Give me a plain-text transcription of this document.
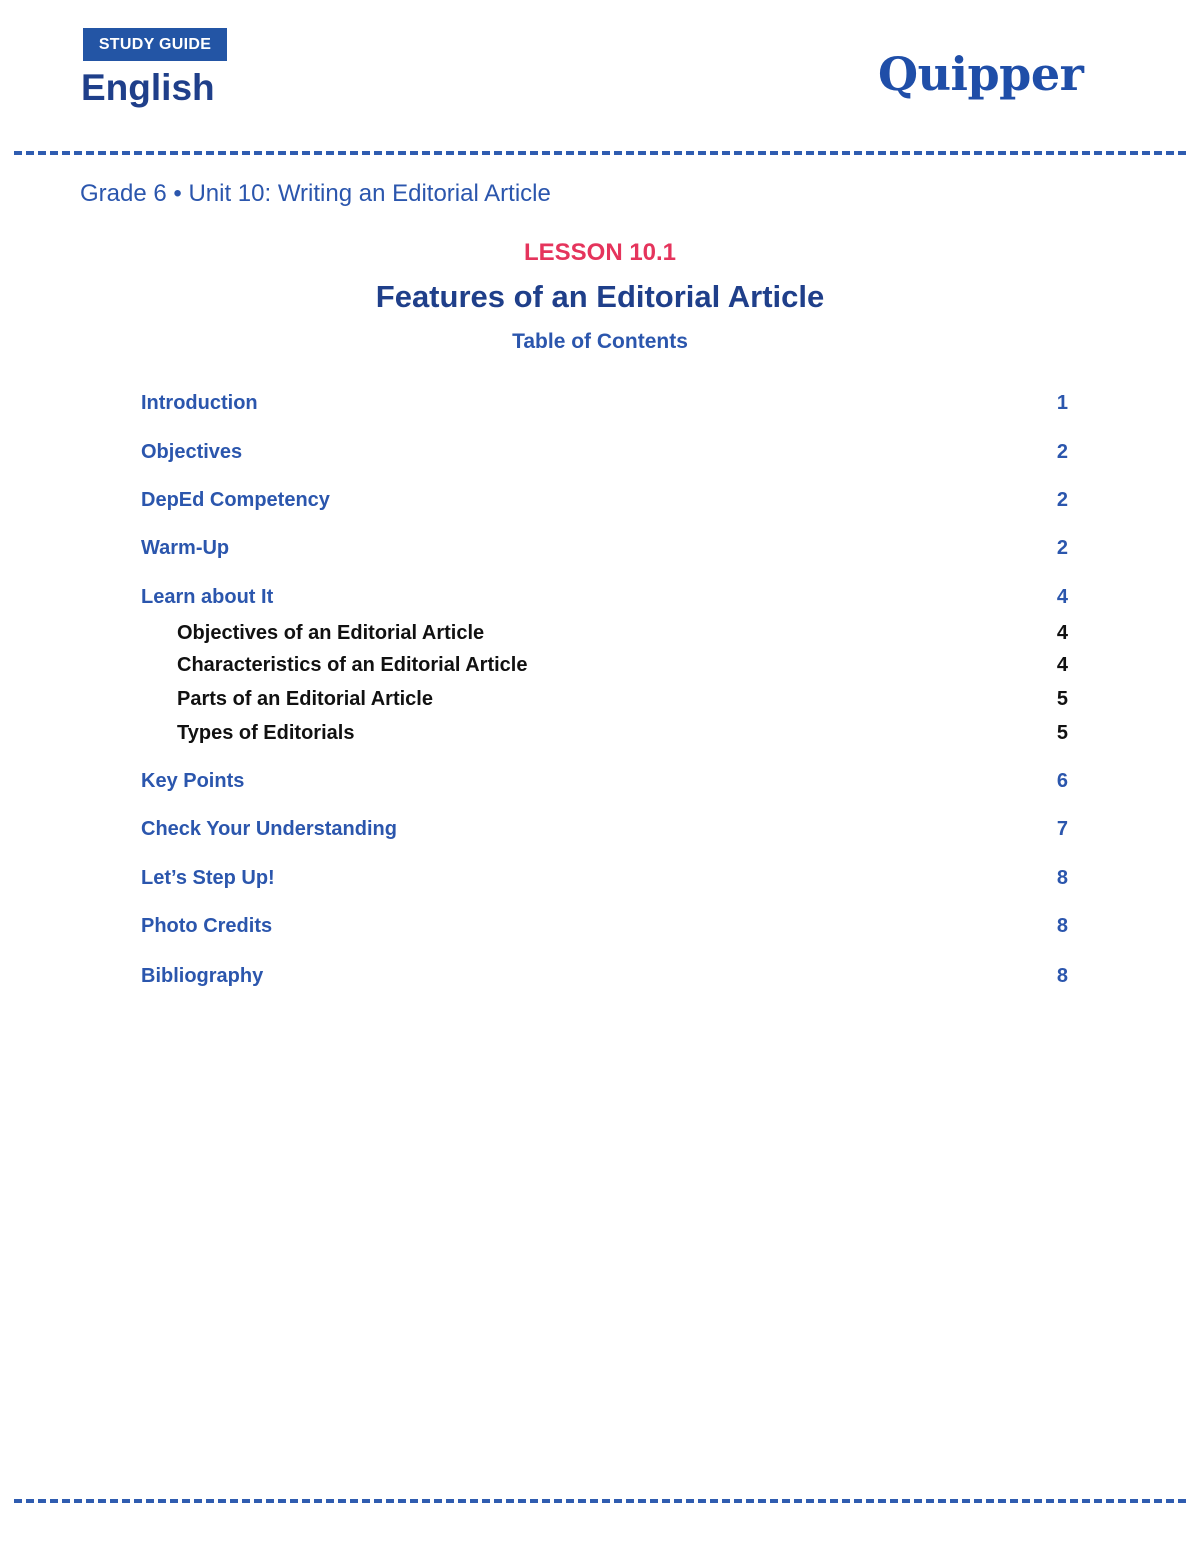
STUDY GUIDE
English	Quipper
Grade 6 • Unit 10: Writing an Editorial Article
LESSON 10.1
Features of an Editorial Article
Table of Contents
Introduction	1
Objectives	2
DepEd Competency	2
Warm-Up	2
Learn about It	4
Objectives of an Editorial Article	4
Characteristics of an Editorial Article	4
Parts of an Editorial Article	5
Types of Editorials	5
Key Points	6
Check Your Understanding	7
Let’s Step Up!	8
Photo Credits	8
Bibliography	8
